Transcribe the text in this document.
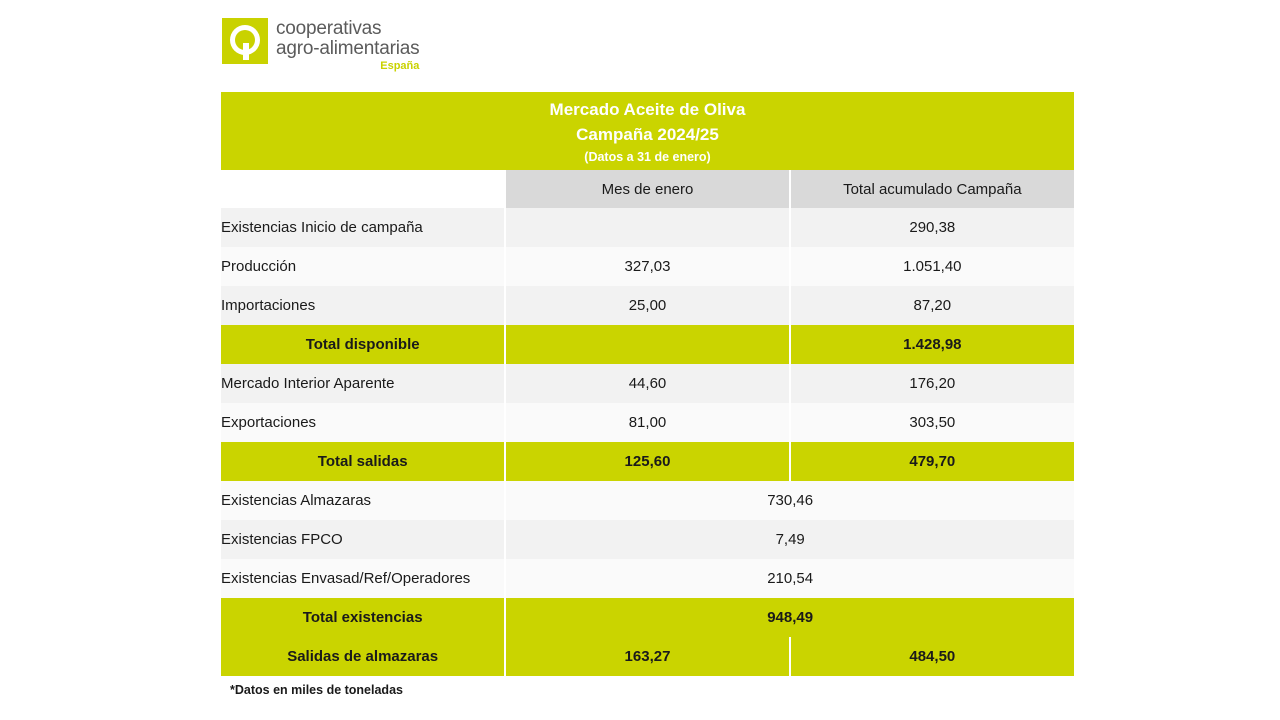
cooperativas
agro-alimentarias
España
Mercado Aceite de Oliva
Campaña 2024/25
(Datos a 31 de enero)		

	Mes de enero	Total acumulado Campaña
Existencias Inicio de campaña		290,38
Producción	327,03	1.051,40
Importaciones	25,00	87,20
Total disponible		1.428,98
Mercado Interior Aparente	44,60	176,20
Exportaciones	81,00	303,50
Total salidas	125,60	479,70
Existencias Almazaras	730,46	
Existencias FPCO	7,49	
Existencias Envasad/Ref/Operadores	210,54	
Total existencias	948,49	
Salidas de almazaras	163,27	484,50
*Datos en miles de toneladas
